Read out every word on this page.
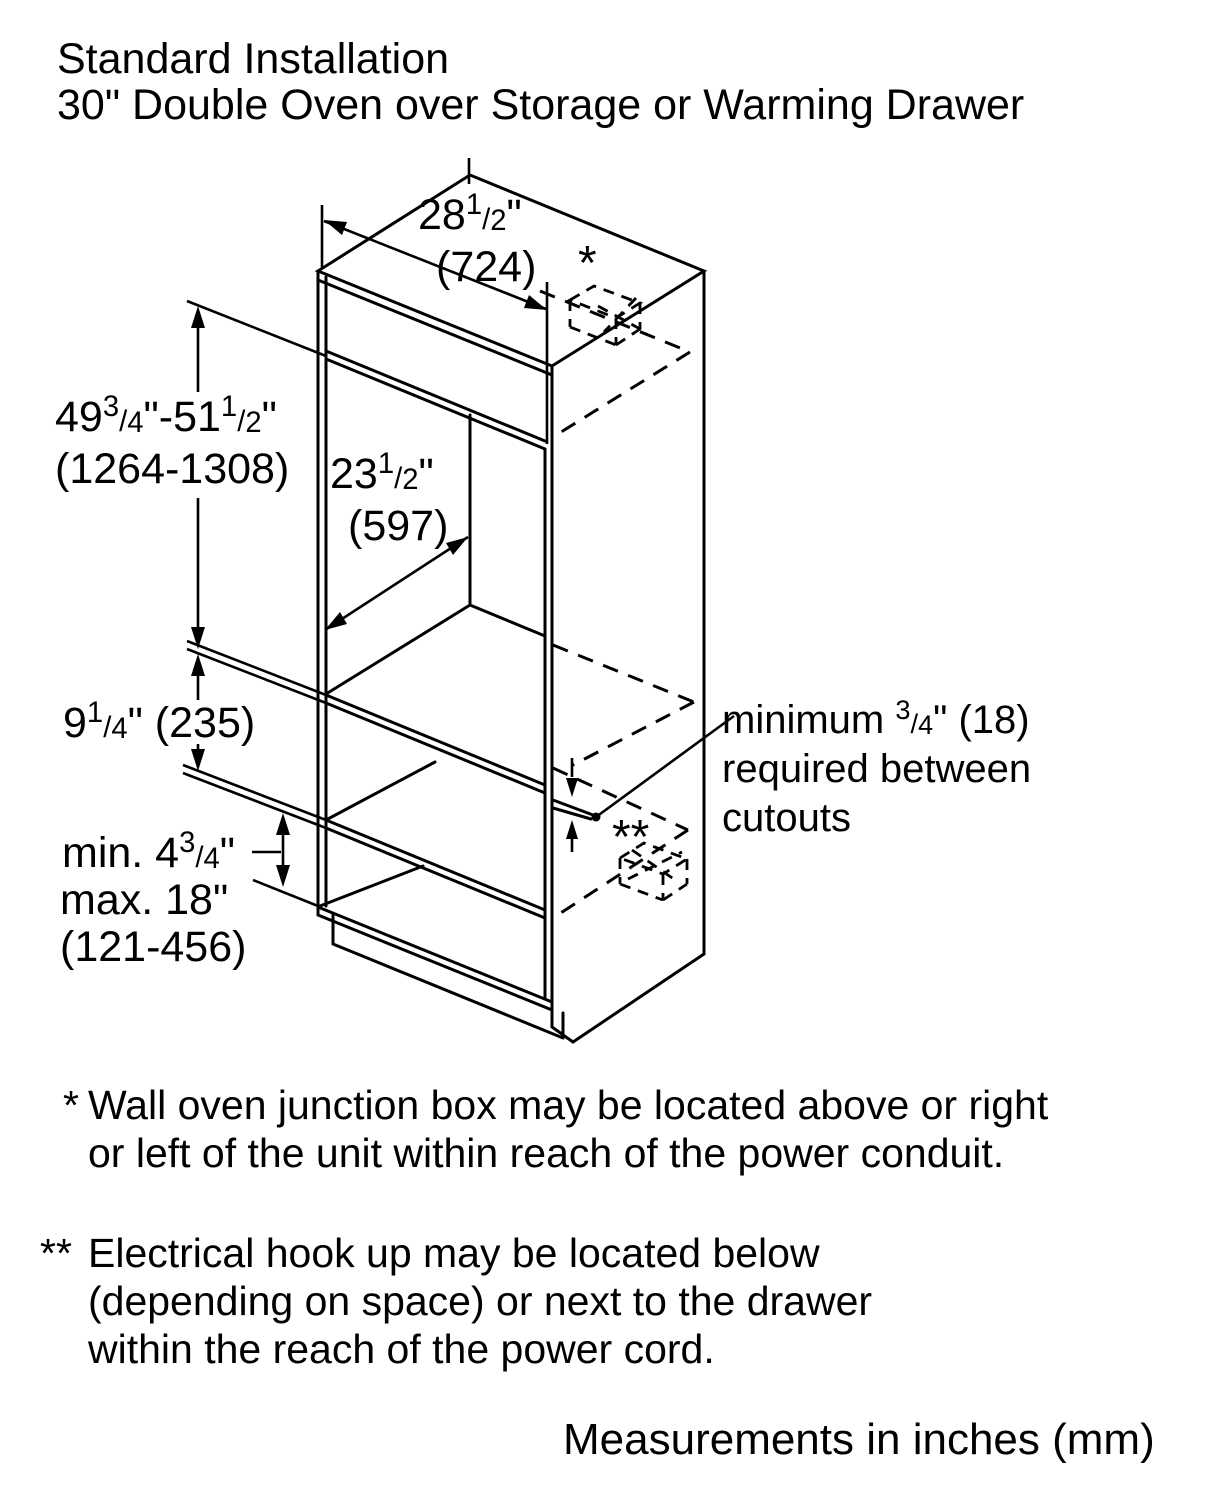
Standard Installation
30" Double Oven over Storage or Warming Drawer
281/2"
(724) *
493/4"-511/2"
(1264-1308) 231/2"
(597)
91/4" (235)	minimum 3/4" (18)
required between
cutouts
**
min. 43/4"
max. 18"
(121-456)
* Wall oven junction box may be located above or right
or left of the unit within reach of the power conduit.
** Electrical hook up may be located below
(depending on space) or next to the drawer
within the reach of the power cord.
Measurements in inches (mm)
